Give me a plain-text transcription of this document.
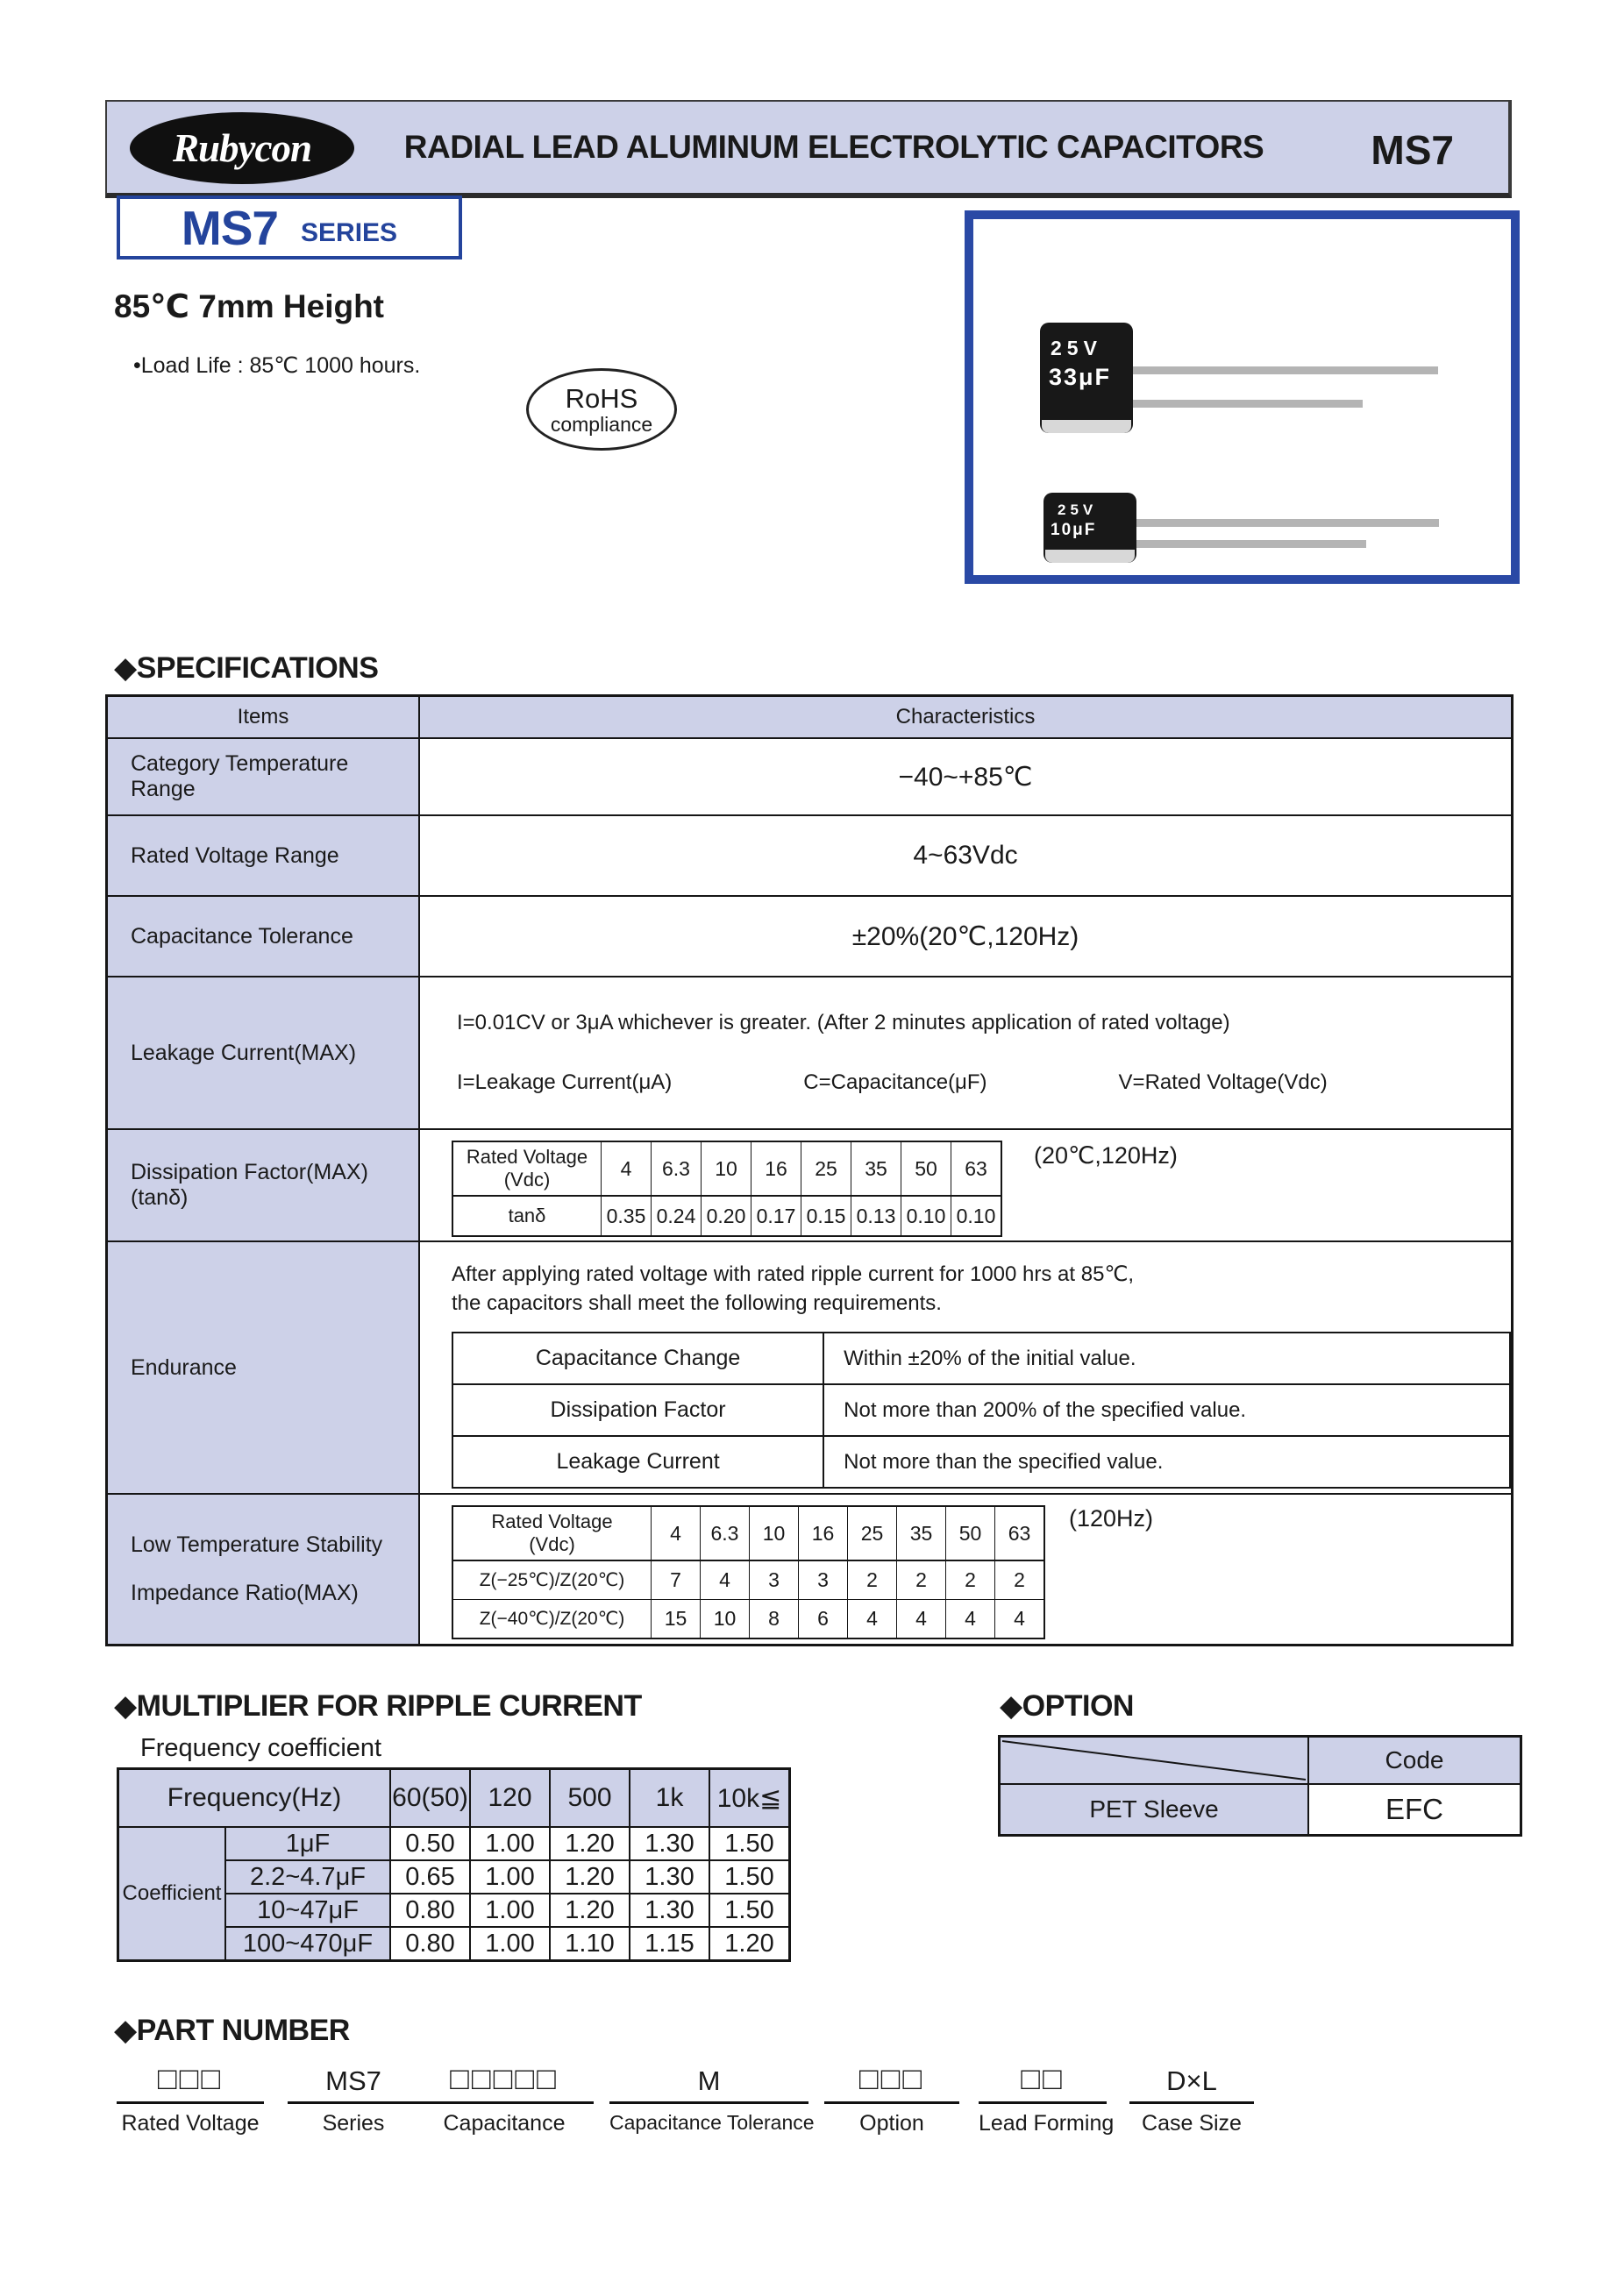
Rubycon	RADIAL LEAD ALUMINUM ELECTROLYTIC CAPACITORS	MS7
MS7 SERIES
85℃ 7mm Height
•Load Life : 85℃ 1000 hours.
RoHS
compliance
25V
33μF
25V
10μF
◆SPECIFICATIONS
Items	Characteristics
Category Temperature Range	−40~+85℃
Rated Voltage Range	4~63Vdc
Capacitance Tolerance	±20%(20℃,120Hz)
Leakage Current(MAX)
I=0.01CV or 3μA whichever is greater. (After 2 minutes application of rated voltage)
I=Leakage Current(μA)	C=Capacitance(μF)	V=Rated Voltage(Vdc)
Dissipation Factor(MAX)
(tanδ)
Rated Voltage
(Vdc)	4	6.3	10	16	25	35	50	63
tanδ	0.35	0.24	0.20	0.17	0.15	0.13	0.10	0.10
(20℃,120Hz)
Endurance
After applying rated voltage with rated ripple current for 1000 hrs at 85℃,
the capacitors shall meet the following requirements.
Capacitance Change	Within ±20% of the initial value.
Dissipation Factor	Not more than 200% of the specified value.
Leakage Current	Not more than the specified value.
Low Temperature Stability
Impedance Ratio(MAX)
Rated Voltage
(Vdc)	4	6.3	10	16	25	35	50	63
Z(−25℃)/Z(20℃)	7	4	3	3	2	2	2	2
Z(−40℃)/Z(20℃)	15	10	8	6	4	4	4	4
(120Hz)
◆MULTIPLIER FOR RIPPLE CURRENT
Frequency coefficient
Frequency(Hz)		60(50)	120	500	1k	10k≦
Coefficient	1μF	0.50	1.00	1.20	1.30	1.50
	2.2~4.7μF	0.65	1.00	1.20	1.30	1.50
	10~47μF	0.80	1.00	1.20	1.30	1.50
	100~470μF	0.80	1.00	1.10	1.15	1.20
◆OPTION
	Code
PET Sleeve	EFC
◆PART NUMBER
□□□
Rated Voltage
MS7
Series
□□□□□
Capacitance
M
Capacitance Tolerance
□□□
Option
□□
Lead Forming
D×L
Case Size
